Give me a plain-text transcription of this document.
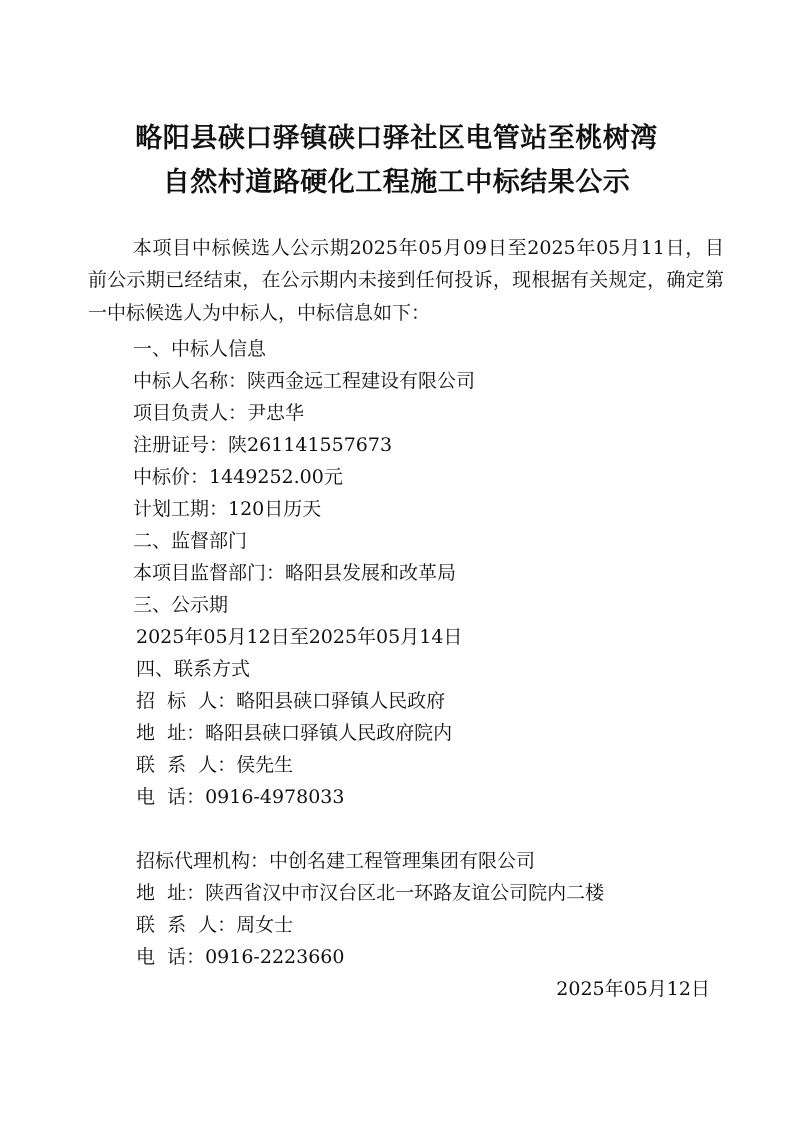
略阳县硖口驿镇硖口驿社区电管站至桃树湾
自然村道路硬化工程施工中标结果公示
本项目中标候选人公示期2025年05月09日至2025年05月11日，目前公示期已经结束，在公示期内未接到任何投诉，现根据有关规定，确定第一中标候选人为中标人，中标信息如下：
一、中标人信息
中标人名称：陕西金远工程建设有限公司
项目负责人：尹忠华
注册证号：陕261141557673
中标价：1449252.00元
计划工期：120日历天
二、监督部门
本项目监督部门：略阳县发展和改革局
三、公示期
2025年05月12日至2025年05月14日
四、联系方式
招  标  人：略阳县硖口驿镇人民政府
地  址：略阳县硖口驿镇人民政府院内
联  系  人：侯先生
电  话：0916-4978033
招标代理机构：中创名建工程管理集团有限公司
地  址：陕西省汉中市汉台区北一环路友谊公司院内二楼
联  系  人：周女士
电  话：0916-2223660
2025年05月12日
